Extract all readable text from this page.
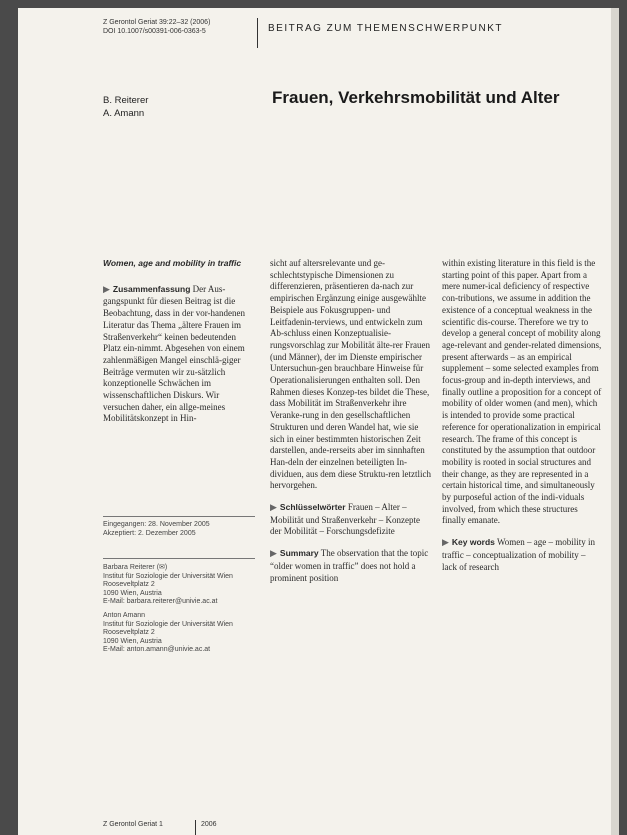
Z Gerontol Geriat 39:22–32 (2006)
DOI 10.1007/s00391-006-0363-5	BEITRAG ZUM THEMENSCHWERPUNKT
B. Reiterer
A. Amann
Frauen, Verkehrsmobilität und Alter

Women, age and mobility in traffic

▶ Zusammenfassung Der Aus-gangspunkt für diesen Beitrag ist die Beobachtung, dass in der vor-handenen Literatur das Thema „ältere Frauen im Straßenverkehr“ keinen bedeutenden Platz ein-nimmt. Abgesehen von einem zahlenmäßigen Mangel einschlä-giger Beiträge vermuten wir zu-sätzlich konzeptionelle Schwächen im wissenschaftlichen Diskurs. Wir versuchen daher, ein allge-meines Mobilitätskonzept in Hin-

Eingegangen: 28. November 2005
Akzeptiert: 2. Dezember 2005
Barbara Reiterer (✉)
Institut für Soziologie der Universität Wien
Rooseveltplatz 2
1090 Wien, Austria
E-Mail: barbara.reiterer@univie.ac.at
Anton Amann
Institut für Soziologie der Universität Wien
Rooseveltplatz 2
1090 Wien, Austria
E-Mail: anton.amann@univie.ac.at

sicht auf altersrelevante und ge-schlechtstypische Dimensionen zu differenzieren, präsentieren da-nach zur empirischen Ergänzung einige ausgewählte Beispiele aus Fokusgruppen- und Leitfadenin-terviews, und entwickeln zum Ab-schluss einen Konzeptualisie-rungsvorschlag zur Mobilität älte-rer Frauen (und Männer), der im Dienste empirischer Untersuchun-gen brauchbare Hinweise für Operationalisierungen enthalten soll. Den Rahmen dieses Konzep-tes bildet die These, dass Mobilität im Straßenverkehr ihre Veranke-rung in den gesellschaftlichen Strukturen und deren Wandel hat, wie sie sich in einer bestimmten historischen Zeit darstellen, ande-rerseits aber im sinnhaften Han-deln der einzelnen beteiligten In-dividuen, aus dem diese Struktu-ren letztlich hervorgehen.

▶ Schlüsselwörter Frauen – Alter – Mobilität und Straßenverkehr – Konzepte der Mobilität – Forschungsdefizite

▶ Summary The observation that the topic “older women in traffic” does not hold a prominent position

within existing literature in this field is the starting point of this paper. Apart from a mere numer-ical deficiency of respective con-tributions, we assume in addition the existence of a conceptual weakness in the scientific dis-course. Therefore we try to develop a general concept of mobility along age-relevant and gender-related dimensions, present afterwards – as an empirical supplement – some selected examples from focus-group and in-depth interviews, and finally outline a proposition for a concept of mobility of older women (and men), which is intended to provide some practical reference for operationalization in empirical research. The frame of this concept is constituted by the assumption that outdoor mobility is rooted in social structures and their change, as they are represented in a certain historical time, and simultaneously by purposeful action of the indi-viduals involved, from which these structures finally emanate.

▶ Key words Women – age – mobility in traffic – conceptualization of mobility – lack of research

Z Gerontol Geriat 1	2006
